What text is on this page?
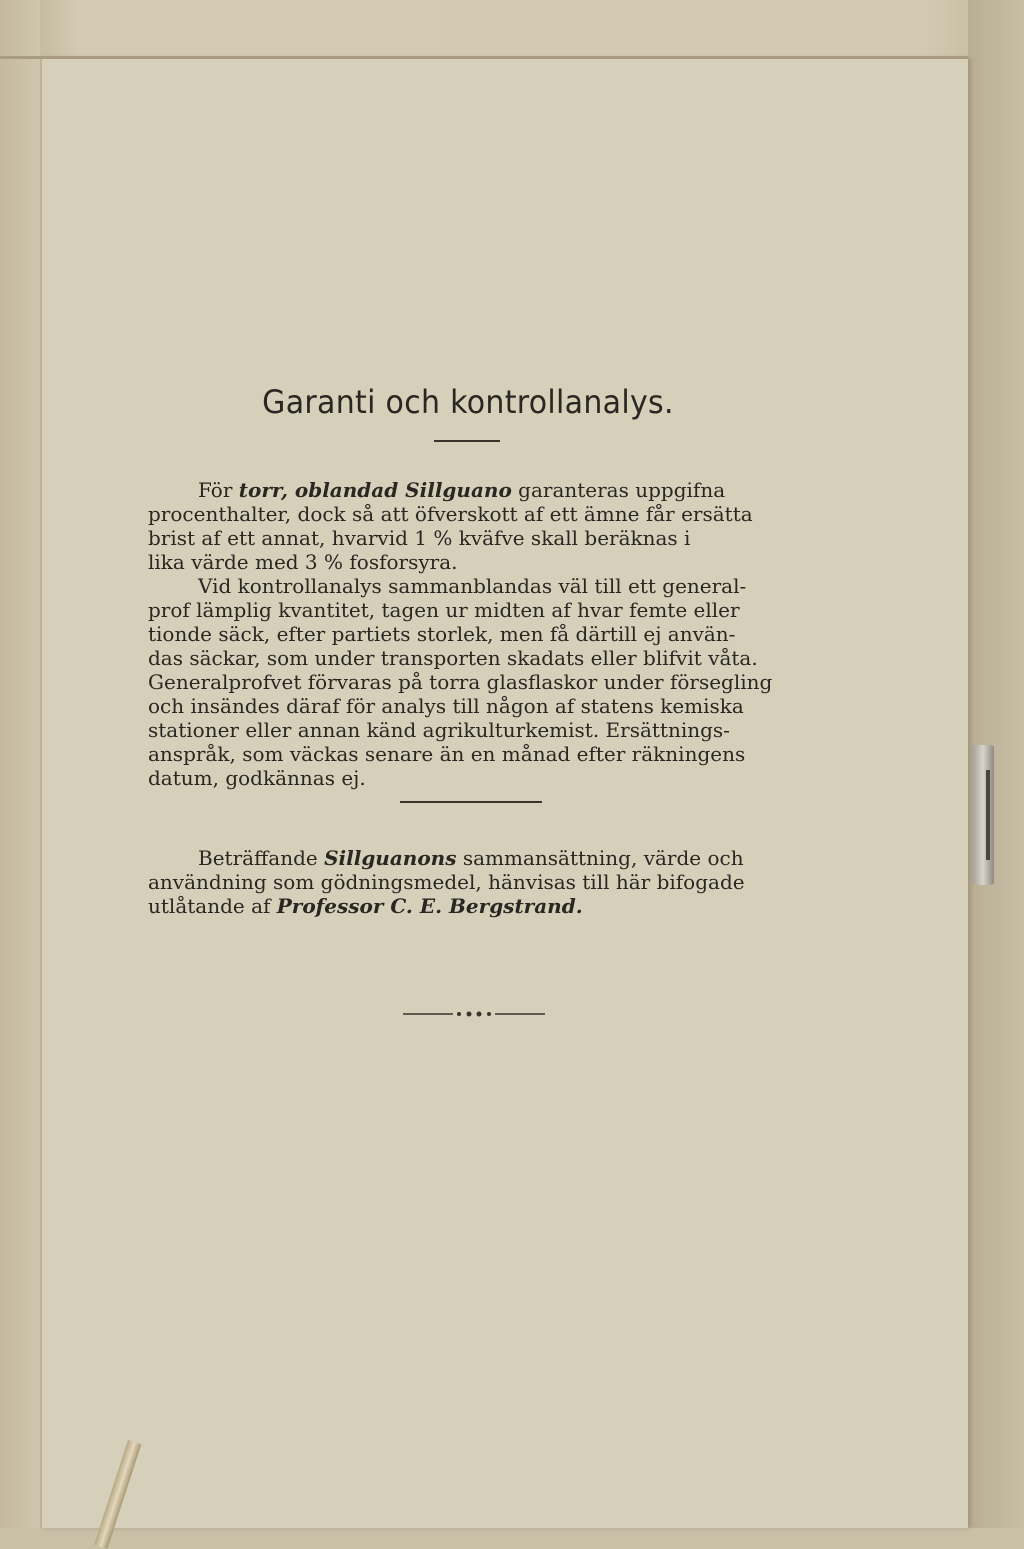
Garanti och kontrollanalys.
För torr, oblandad Sillguano garanteras uppgifna
procenthalter, dock så att öfverskott af ett ämne får ersätta
brist af ett annat, hvarvid 1 % kväfve skall beräknas i
lika värde med 3 % fosforsyra.
Vid kontrollanalys sammanblandas väl till ett general-
prof lämplig kvantitet, tagen ur midten af hvar femte eller
tionde säck, efter partiets storlek, men få därtill ej använ-
das säckar, som under transporten skadats eller blifvit våta.
Generalprofvet förvaras på torra glasflaskor under försegling
och insändes däraf för analys till någon af statens kemiska
stationer eller annan känd agrikulturkemist. Ersättnings-
anspråk, som väckas senare än en månad efter räkningens
datum, godkännas ej.
Beträffande Sillguanons sammansättning, värde och
användning som gödningsmedel, hänvisas till här bifogade
utlåtande af Professor C. E. Bergstrand.
